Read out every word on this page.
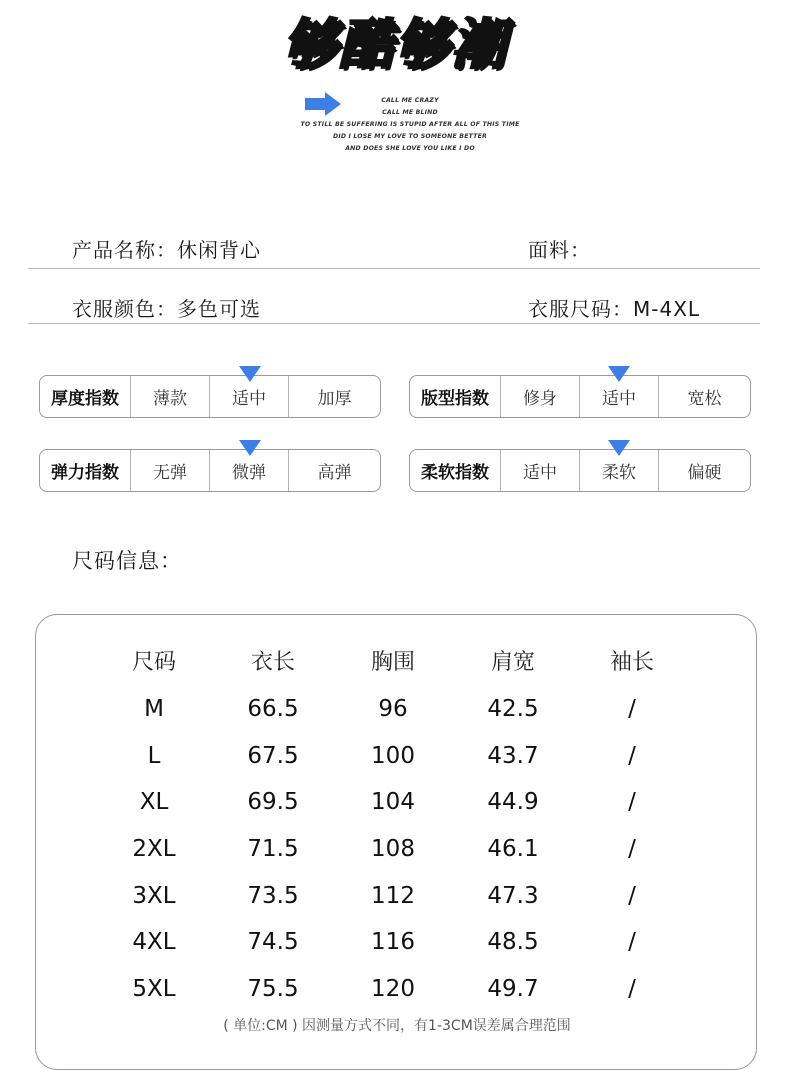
够酷够潮
CALL ME CRAZY
CALL ME BLIND
TO STILL BE SUFFERING IS STUPID AFTER ALL OF THIS TIME
DID I LOSE MY LOVE TO SOMEONE BETTER
AND DOES SHE LOVE YOU LIKE I DO
产品名称：休闲背心	面料：
衣服颜色：多色可选	衣服尺码：M-4XL
厚度指数	薄款	适中	加厚	版型指数	修身	适中	宽松
弹力指数	无弹	微弹	高弹	柔软指数	适中	柔软	偏硬
尺码信息：
尺码	衣长	胸围	肩宽	袖长
M	66.5	96	42.5	/
L	67.5	100	43.7	/
XL	69.5	104	44.9	/
2XL	71.5	108	46.1	/
3XL	73.5	112	47.3	/
4XL	74.5	116	48.5	/
5XL	75.5	120	49.7	/
( 单位:CM ) 因测量方式不同，有1-3CM误差属合理范围
